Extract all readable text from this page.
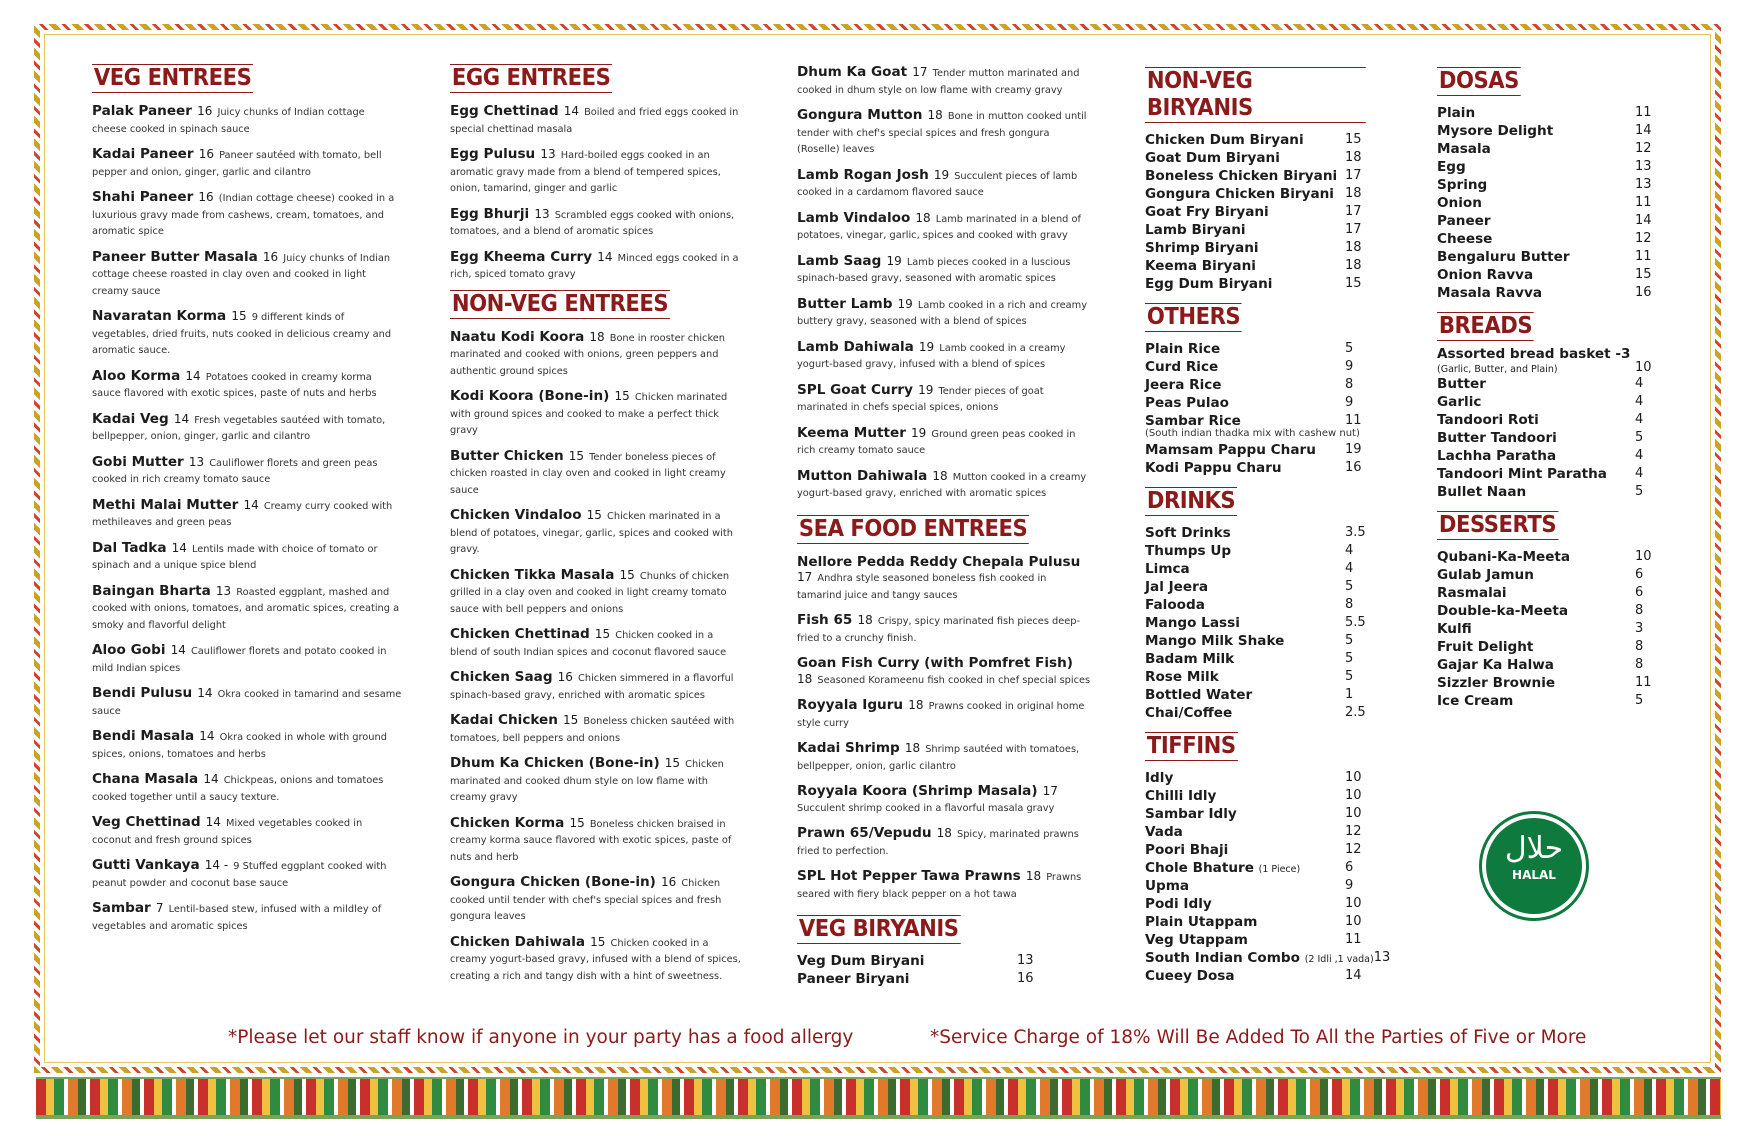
VEG ENTREES
Palak Paneer 16 Juicy chunks of Indian cottage cheese cooked in spinach sauce
Kadai Paneer 16 Paneer sautéed with tomato, bell pepper and onion, ginger, garlic and cilantro
Shahi Paneer 16 (Indian cottage cheese) cooked in a luxurious gravy made from cashews, cream, tomatoes, and aromatic spice
Paneer Butter Masala 16 Juicy chunks of Indian cottage cheese roasted in clay oven and cooked in light creamy sauce
Navaratan Korma 15 9 different kinds of vegetables, dried fruits, nuts cooked in delicious creamy and aromatic sauce.
Aloo Korma 14 Potatoes cooked in creamy korma sauce flavored with exotic spices, paste of nuts and herbs
Kadai Veg 14 Fresh vegetables sautéed with tomato, bellpepper, onion, ginger, garlic and cilantro
Gobi Mutter 13 Cauliflower florets and green peas cooked in rich creamy tomato sauce
Methi Malai Mutter 14 Creamy curry cooked with methileaves and green peas
Dal Tadka 14 Lentils made with choice of tomato or spinach and a unique spice blend
Baingan Bharta 13 Roasted eggplant, mashed and cooked with onions, tomatoes, and aromatic spices, creating a smoky and flavorful delight
Aloo Gobi 14 Cauliflower florets and potato cooked in mild Indian spices
Bendi Pulusu 14 Okra cooked in tamarind and sesame sauce
Bendi Masala 14 Okra cooked in whole with ground spices, onions, tomatoes and herbs
Chana Masala 14 Chickpeas, onions and tomatoes cooked together until a saucy texture.
Veg Chettinad 14 Mixed vegetables cooked in coconut and fresh ground spices
Gutti Vankaya 14 - 9 Stuffed eggplant cooked with peanut powder and coconut base sauce
Sambar 7 Lentil-based stew, infused with a mildley of vegetables and aromatic spices
EGG ENTREES
Egg Chettinad 14 Boiled and fried eggs cooked in special chettinad masala
Egg Pulusu 13 Hard-boiled eggs cooked in an aromatic gravy made from a blend of tempered spices, onion, tamarind, ginger and garlic
Egg Bhurji 13 Scrambled eggs cooked with onions, tomatoes, and a blend of aromatic spices
Egg Kheema Curry 14 Minced eggs cooked in a rich, spiced tomato gravy
NON-VEG ENTREES
Naatu Kodi Koora 18 Bone in rooster chicken marinated and cooked with onions, green peppers and authentic ground spices
Kodi Koora (Bone-in) 15 Chicken marinated with ground spices and cooked to make a perfect thick gravy
Butter Chicken 15 Tender boneless pieces of chicken roasted in clay oven and cooked in light creamy sauce
Chicken Vindaloo 15 Chicken marinated in a blend of potatoes, vinegar, garlic, spices and cooked with gravy.
Chicken Tikka Masala 15 Chunks of chicken grilled in a clay oven and cooked in light creamy tomato sauce with bell peppers and onions
Chicken Chettinad 15 Chicken cooked in a blend of south Indian spices and coconut flavored sauce
Chicken Saag 16 Chicken simmered in a flavorful spinach-based gravy, enriched with aromatic spices
Kadai Chicken 15 Boneless chicken sautéed with tomatoes, bell peppers and onions
Dhum Ka Chicken (Bone-in) 15 Chicken marinated and cooked dhum style on low flame with creamy gravy
Chicken Korma 15 Boneless chicken braised in creamy korma sauce flavored with exotic spices, paste of nuts and herb
Gongura Chicken (Bone-in) 16 Chicken cooked until tender with chef's special spices and fresh gongura leaves
Chicken Dahiwala 15 Chicken cooked in a creamy yogurt-based gravy, infused with a blend of spices, creating a rich and tangy dish with a hint of sweetness.
Dhum Ka Goat 17 Tender mutton marinated and cooked in dhum style on low flame with creamy gravy
Gongura Mutton 18 Bone in mutton cooked until tender with chef's special spices and fresh gongura (Roselle) leaves
Lamb Rogan Josh 19 Succulent pieces of lamb cooked in a cardamom flavored sauce
Lamb Vindaloo 18 Lamb marinated in a blend of potatoes, vinegar, garlic, spices and cooked with gravy
Lamb Saag 19 Lamb pieces cooked in a luscious spinach-based gravy, seasoned with aromatic spices
Butter Lamb 19 Lamb cooked in a rich and creamy buttery gravy, seasoned with a blend of spices
Lamb Dahiwala 19 Lamb cooked in a creamy yogurt-based gravy, infused with a blend of spices
SPL Goat Curry 19 Tender pieces of goat marinated in chefs special spices, onions
Keema Mutter 19 Ground green peas cooked in rich creamy tomato sauce
Mutton Dahiwala 18 Mutton cooked in a creamy yogurt-based gravy, enriched with aromatic spices
SEA FOOD ENTREES
Nellore Pedda Reddy Chepala Pulusu 17 Andhra style seasoned boneless fish cooked in tamarind juice and tangy sauces
Fish 65 18 Crispy, spicy marinated fish pieces deep-fried to a crunchy finish.
Goan Fish Curry (with Pomfret Fish) 18 Seasoned Korameenu fish cooked in chef special spices
Royyala Iguru 18 Prawns cooked in original home style curry
Kadai Shrimp 18 Shrimp sautéed with tomatoes, bellpepper, onion, garlic cilantro
Royyala Koora (Shrimp Masala) 17 Succulent shrimp cooked in a flavorful masala gravy
Prawn 65/Vepudu 18 Spicy, marinated prawns fried to perfection.
SPL Hot Pepper Tawa Prawns 18 Prawns seared with fiery black pepper on a hot tawa
VEG BIRYANIS
Veg Dum Biryani	13
Paneer Biryani	16
NON-VEG BIRYANIS
Chicken Dum Biryani	15
Goat Dum Biryani	18
Boneless Chicken Biryani 17
Gongura Chicken Biryani 18
Goat Fry Biryani	17
Lamb Biryani	17
Shrimp Biryani	18
Keema Biryani	18
Egg Dum Biryani	15
OTHERS
Plain Rice	5
Curd Rice	9
Jeera Rice	8
Peas Pulao	9
Sambar Rice	11
(South indian thadka mix with cashew nut)
Mamsam Pappu Charu	19
Kodi Pappu Charu	16
DRINKS
Soft Drinks	3.5
Thumps Up	4
Limca	4
Jal Jeera	5
Falooda	8
Mango Lassi	5.5
Mango Milk Shake	5
Badam Milk	5
Rose Milk	5
Bottled Water	1
Chai/Coffee	2.5
TIFFINS
Idly	10
Chilli Idly	10
Sambar Idly	10
Vada	12
Poori Bhaji	12
Chole Bhature (1 Piece)	6
Upma	9
Podi Idly	10
Plain Utappam	10
Veg Utappam	11
South Indian Combo (2 Idli ,1 vada) 13
Cueey Dosa	14
DOSAS
Plain	11
Mysore Delight	14
Masala	12
Egg	13
Spring	13
Onion	11
Paneer	14
Cheese	12
Bengaluru Butter	11
Onion Ravva	15
Masala Ravva	16
BREADS
Assorted bread basket -3
(Garlic, Butter, and Plain)	10
Butter	4
Garlic	4
Tandoori Roti	4
Butter Tandoori	5
Lachha Paratha	4
Tandoori Mint Paratha	4
Bullet Naan	5
DESSERTS
Qubani-Ka-Meeta	10
Gulab Jamun	6
Rasmalai	6
Double-ka-Meeta	8
Kulfi	3
Fruit Delight	8
Gajar Ka Halwa	8
Sizzler Brownie	11
Ice Cream	5
حلال
HALAL
*Please let our staff know if anyone in your party has a food allergy	*Service Charge of 18% Will Be Added To All the Parties of Five or More
